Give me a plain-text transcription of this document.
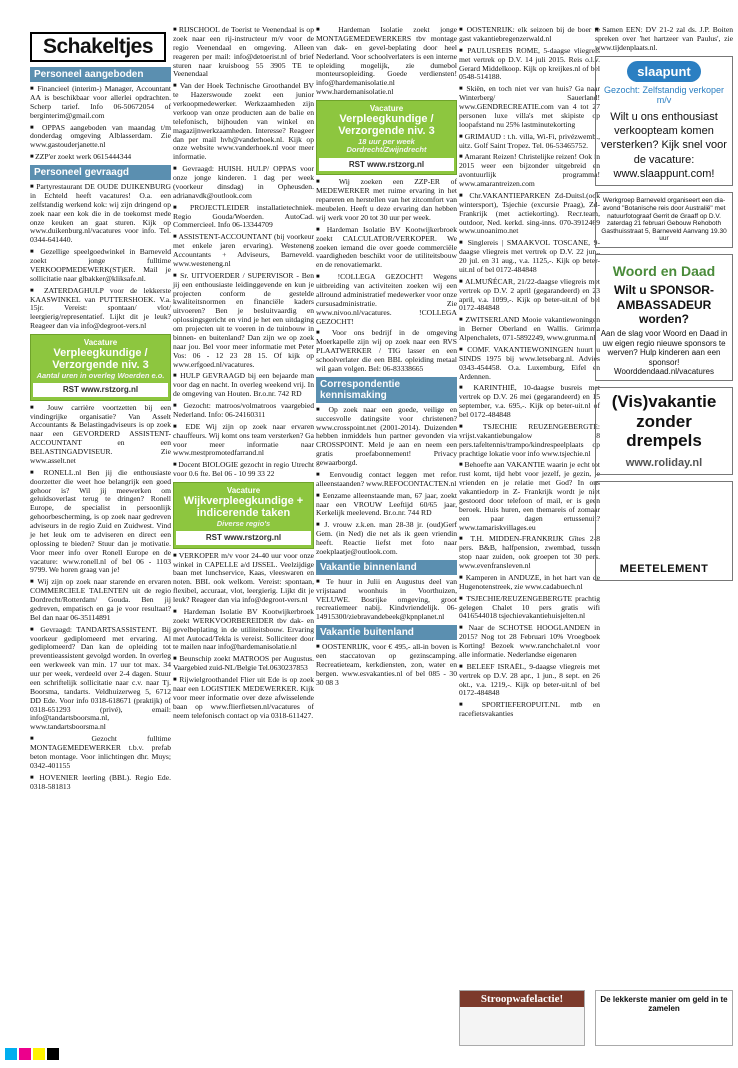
Schakeltjes
Personeel aangeboden
■ Financieel (interim-) Manager, Accountant AA is beschikbaar voor allerlei opdrachten. Scherp tarief. Info 06-50672054 of berginterim@gmail.com
■ OPPAS aangeboden van maandag t/m donderdag omgeving Alblasserdam. Zie www.gastouderjanette.nl
■ ZZP'er zoekt werk 0615444344
Personeel gevraagd
■ Partyrestaurant DE OUDE DUIKENBURG in Echteld heeft vacatures! O.a. een zelfstandig werkend kok: wij zijn dringend op zoek naar een kok die in de toekomst mede onze keuken an gaat sturen. Kijk op www.duikenburg.nl/vacatures voor info. Tel. 0344-641440.
■ Gezellige speelgoedwinkel in Barneveld zoekt jonge fulltime VERKOOPMEDEWERK(ST)ER. Mail je sollicitatie naar glbakker@kliksafe.nl.
■ ZATERDAGHULP voor de lekkerste KAASWINKEL van PUTTERSHOEK. V.a. 15jr. Vereist: spontaan/ vlot/ leergierig/representatief. Lijkt dit je leuk? Reageer dan via info@degroot-vers.nl
Vacature
Verpleegkundige / Verzorgende niv. 3
Aantal uren in overleg Woerden e.o.
RST www.rstzorg.nl
■ Jouw carrière voortzetten bij een vindingrijke organisatie? Van Asselt Accountants & Belastingadviseurs is op zoek naar een GEVORDERD ASSISTENT-ACCOUNTANT en een BELASTINGADVISEUR. Zie www.asselt.net
■ RONELL.nl Ben jij die enthousiaste doorzetter die weet hoe belangrijk een goed gehoor is? Wil jij meewerken om geluidsoverlast terug te dringen? Ronell Europe, de specialist in persoonlijk gehoorbescherming, is op zoek naar gedreven adviseurs in de regio Zuid en Zuidwest. Vind je het leuk om te adviseren en direct een oplossing te bieden? Stuur dan je motivatie. Voor meer info over Ronell Europe en de vacature: www.ronell.nl of bel 06 - 1103 9799. We horen graag van je!
■ Wij zijn op zoek naar starende en ervaren COMMERCIELE TALENTEN uit de regio Dordrecht/Rotterdam/ Gouda. Ben jij gedreven, empatisch en ga je voor resultaat? Bel dan naar 06-35114891
■ Gevraagd: TANDARTSASSISTENT. Bij voorkeur gediplomeerd met ervaring. Al gediplomeerd? Dan kan de opleiding tot preventieassistent gevolgd worden. In overleg een werkweek van min. 17 uur tot max. 34 uur per week, verdeeld over 2-4 dagen. Stuur een schriftelijk sollicitatie naar c.v. naar Tj. Boorsma, tandarts. Veldhuizerweg 5, 6712 DD Ede. Voor info 0318-618671 (praktijk) of 0318-651293 (privé), email: info@tandartsboorsma.nl, www.tandartsboorsma.nl
■ Gezocht fulltime MONTAGEMEDEWERKER t.b.v. prefab beton montage. Voor inlichtingen dhr. Muys; 0342-401155
■ HOVENIER leerling (BBL). Regio Ede. 0318-581813
■ RIJSCHOOL de Toerist te Veenendaal is op zoek naar een rij-instructeur m/v voor de regio Veenendaal en omgeving. Alleen reageren per mail: info@detoerist.nl of brief sturen naar kruisboog 55 3905 TE te Veenendaal
■ Van der Hoek Technische Groothandel BV te Hazerswoude zoekt een junior verkoopmedewerker. Werkzaamheden zijn verkoop van onze producten aan de balie en telefonisch, bijhouden van winkel en magazijnwerkzaamheden. Interesse? Reageer dan per mail hvh@vanderhoek.nl. Kijk op onze website www.vanderhoek.nl voor meer informatie.
■ Gevraagd: HUISH. HULP/ OPPAS voor onze jonge kinderen. 1 dag per week (voorkeur dinsdag) in Opheusden. adrianavdk@outlook.com
■ PROJECTLEIDER installatietechniek. Regio Gouda/Woerden. AutoCad. Commercieel. Info 06-13344709
■ ASSISTENT-ACCOUNTANT (bij voorkeur met enkele jaren ervaring). Westeneng Accountants + Adviseurs, Barneveld. www.westeneng.nl
■ Sr. UITVOERDER / SUPERVISOR - Ben jij een enthousiaste leidinggevende en kun je projecten conform de gestelde kwaliteitsnormen en financiële kaders uitvoeren? Ben je besluitvaardig en oplossingsgericht en vind je het een uitdaging om projecten uit te voeren in de tuinbouw in binnen- en buitenland? Dan zijn we op zoek naar jou. Bel voor meer informatie met Peter Vos: 06 - 12 23 28 15. Of kijk op www.erfgoed.nl/vacatures.
■ HULP GEVRAAGD bij een bejaarde man voor dag en nacht. In overleg weekend vrij. In de omgeving van Houten. Br.o.nr. 742 RD
■ Gezocht: matroos/volmatroos vaargebied Nederland. Info: 06-24160311
■ EDE Wij zijn op zoek naar ervaren chauffeurs. Wij komt ons team versterken? Ga voor meer informatie naar www.mestpromotedfarrand.nl
■ Docent BIOLOGIE gezocht in regio Utrecht voor 0.6 fte. Bel 06 - 10 99 33 22
Vacature
Wijkverpleegkundige + indicerende taken
Diverse regio's
RST www.rstzorg.nl
■ VERKOPER m/v voor 24-40 uur voor onze winkel in CAPELLE a/d IJSSEL. Veelzijdige baan met lunchservice, Kaas, vleeswaren en noten. BBL ook welkom. Vereist: spontaan, flexibel, accuraat, vlot, leergierig. Lijkt dit je leuk? Reageer dan via info@degroot-vers.nl
■ Hardeman Isolatie BV Kootwijkerbroek zoekt WERKVOORBEREIDER tbv dak- en gevelbeplating in de utiliteitsbouw. Ervaring met Autocad/Tekla is vereist. Solliciteer door te mailen naar info@hardemanisolatie.nl
■ Beunschip zoekt MATROOS per Augustus. Vaargebied zuid-NL/Belgie Tel.0630237853
■ Rijwielgroothandel Flier uit Ede is op zoek naar een LOGISTIEK MEDEWERKER. Kijk voor meer informatie over deze afwisselende baan op www.flierfietsen.nl/vacatures of neem telefonisch contact op via 0318-611427.
■ Hardeman Isolatie zoekt jonge MONTAGEMEDEWERKERS tbv montage van dak- en gevel-beplating door heel Nederland. Voor schoolverlaters is een interne opleiding mogelijk, zie dumebol monteursopleiding. Goede verdiensten! info@hardemanisolatie.nl www.hardemanisolatie.nl
Vacature
Verpleegkundige / Verzorgende niv. 3
18 uur per week Dordrecht/Zwijndrecht
RST www.rstzorg.nl
■ Wij zoeken een ZZP-ER of MEDEWERKER met ruime ervaring in het repareren en herstellen van het zitcomfort van meubelen. Heeft u deze ervaring dan hebben wij werk voor 20 tot 30 uur per week.
■ Hardeman Isolatie BV Kootwijkerbroek zoekt CALCULATOR/VERKOPER. We zoeken iemand die over goede commerciële vaardigheden beschikt voor de utiliteitsbouw en de renovatiemarkt.
■ !COLLEGA GEZOCHT! Wegens uitbreiding van activiteiten zoeken wij een allround administratief medewerker voor onze cursusadministratie. Zie www.nivoo.nl/vacatures. !COLLEGA GEZOCHT!
■ Voor ons bedrijf in de omgeving Moerkapelle zijn wij op zoek naar een RVS PLAATWERKER / TIG lasser en een schoolverlater die een BBL opleiding metaal wil gaan volgen. Bel: 06-83338665
Correspondentie kennismaking
■ Op zoek naar een goede, veilige en succesvolle datingsite voor christenen? www.crosspoint.net (2001-2014). Duizenden hebben inmiddels hun partner gevonden via CROSSPOINT. Meld je aan en neem een gratis proefabonnement! Privacy gewaarborgd.
■ Eenvoudig contact leggen met refor. alleenstaanden? www.REFOCONTACTEN.nl
■ Eenzame alleenstaande man, 67 jaar, zoekt naar een VROUW Leeftijd 60/65 jaar, Kerkelijk meelevend. Br.o.nr. 744 RD
■ J. vrouw z.k.en. man 28-38 jr. (oud)Gerf Gem. (in Ned) die net als ik geen vriendin heeft. Reactie liefst met foto naar zoekplaatje@outlook.com.
Vakantie binnenland
■ Te huur in Julii en Augustus deel van vrijstaand woonhuis in Voorthuizen, VELUWE. Bosrijke omgeving, groot recreatiemeer nabij. Kindvriendelijk. 06-14915300/ziebravandebeek@kpnplanet.nl
Vakantie buitenland
■ OOSTENRIJK, voor € 495,- all-in boven is een staccatovan op gezinscamping. Recreatieteam, kerkdiensten, zon, water en bergen. www.esvakanties.nl of bel 085 - 30 30 08 3
■ OOSTENRIJK: elk seizoen bij de boer te gast vakantiebregenzerwald.nl
■ PAULUSREIS ROME, 5-daagse vliegreis met vertrek op D.V. 14 juli 2015. Reis o.l.v. Gerard Middelkoop. Kijk op kreijkes.nl of bel 0548-514188.
■ Skiën, en toch niet ver van huis? Ga naar Winterberg/ Sauerland! www.GENDRECREATIE.com van 4 tot 27 personen luxe villa's met skipiste op loopafstand nu 25% lastminutekorting
■ GRIMAUD : t.h. villa, Wi-Fi, privézwemb., uitz. Golf Saint Tropez. Tel. 06-53465752.
■ Amarant Reizen! Christelijke reizen! Ook in 2015 weer een bijzonder uitgebreid en avontuurlijk programma! www.amarantreizen.com
■ Chr.VAKANTIEPARKEN Zd-Duitsl.(ook wintersport), Tsjechie (excursie Praag), Zd-Frankrijk (met actiekorting). Recr.team, outdoor, Ned. kerkd. sing-inns. 070-3912469 www.unoanimo.net
■ Singlereis | SMAAKVOL TOSCANE, 9-daagse vliegreis met vertrek op D.V. 22 jun., 20 jul. en 31 aug., v.a. 1125,-. Kijk op beter-uit.nl of bel 0172-484848
■ ALMUÑÉCAR, 21/22-daagse vliegreis met vertrek op D.V. 2 april (gegarandeerd) en 23 april, v.a. 1099,-. Kijk op beter-uit.nl of bel 0172-484848
■ ZWITSERLAND Mooie vakantiewoningen in Berner Oberland en Wallis. Grimma Alpenchalets, 071-5892249, www.grunma.nl
■ COMF. VAKANTIEWONINGEN huurt u SINDS 1975 bij www.letsebarg.nl. Advies 0343-454458. O.a. Luxemburg, Eifel en Ardennen.
■ KARINTHIË, 10-daagse busreis met vertrek op D.V. 26 mei (gegarandeerd) en 15 september, v.a. 695,-. Kijk op beter-uit.nl of bel 0172-484848
■ TSJECHIE REUZENGEBERGTE: vrijst.vakantiebungalow 8 pers.tafeltennis/trampo/kindrespeelplaats op prachtige lokatie voor info www.tsjechie.nl
■ Behoefte aan VAKANTIE waarin je echt tot rust komt, tijd hebt voor jezelf, je gezin, je vrienden en je relatie met God? In ons vakantiedorp in Z- Frankrijk wordt je niet gestoord door telefoon of mail, er is geen beroek. Huis huren, een themareis of zomaar een paar dagen ertussenuit? www.tamariskvillages.eu
■ T.H. MIDDEN-FRANKRIJK Gîtes 2-8 pers. B&B, halfpension, zwembad, tussen stop naar zuiden, ook groepen tot 30 pers. www.evenfransleven.nl
■ Kamperen in ANDUZE, in het hart van de Hugenotenstreek, zie www.cadabuech.nl
■ TSJECHIE/REUZENGEBERGTE prachtig gelegen Chalet 10 pers gratis wifi 0416544018 tsjechievakantiehuisjelten.nl
■ Naar de SCHOTSE HOOGLANDEN in 2015? Nog tot 28 Februari 10% Vroegboek Korting! Bezoek www.ranchchalet.nl voor alle informatie. Nederlandse eigenaren
■ BELEEF ISRAËL, 9-daagse vliegreis met vertrek op D.V. 28 apr., 1 jun., 8 sept. en 26 okt., v.a. 1219,-. Kijk op beter-uit.nl of bel 0172-484848
■ SPORTIEFEROPUIT.NL mtb en racefietsvakanties
■ Samen EEN: DV 21-2 zal ds. J.P. Boiten spreken over 'het hartzeer van Paulus', zie www.tijdenplaats.nl.
slaapunt
Gezocht: Zelfstandig verkoper m/v
Wilt u ons enthousiast verkoopteam komen versterken? Kijk snel voor de vacature: www.slaappunt.com!
Werkgroep Barneveld organiseert een dia-avond "Botanische reis door Australië" met natuurfotograaf Gerrit de Graaff op D.V. zaterdag 21 februari Gebouw Rehoboth Gasthuisstraat 5, Barneveld Aanvang 19.30 uur
Woord en Daad
Wilt u SPONSOR-AMBASSADEUR worden?
Aan de slag voor Woord en Daad in uw eigen regio nieuwe sponsors te werven? Hulp kinderen aan een sponsor! Woorddendaad.nl/vacatures
(Vis)vakantie
zonder
drempels
www.roliday.nl
MEETELEMENT
Stroopwafelactie!	De lekkerste manier om geld in te zamelen
